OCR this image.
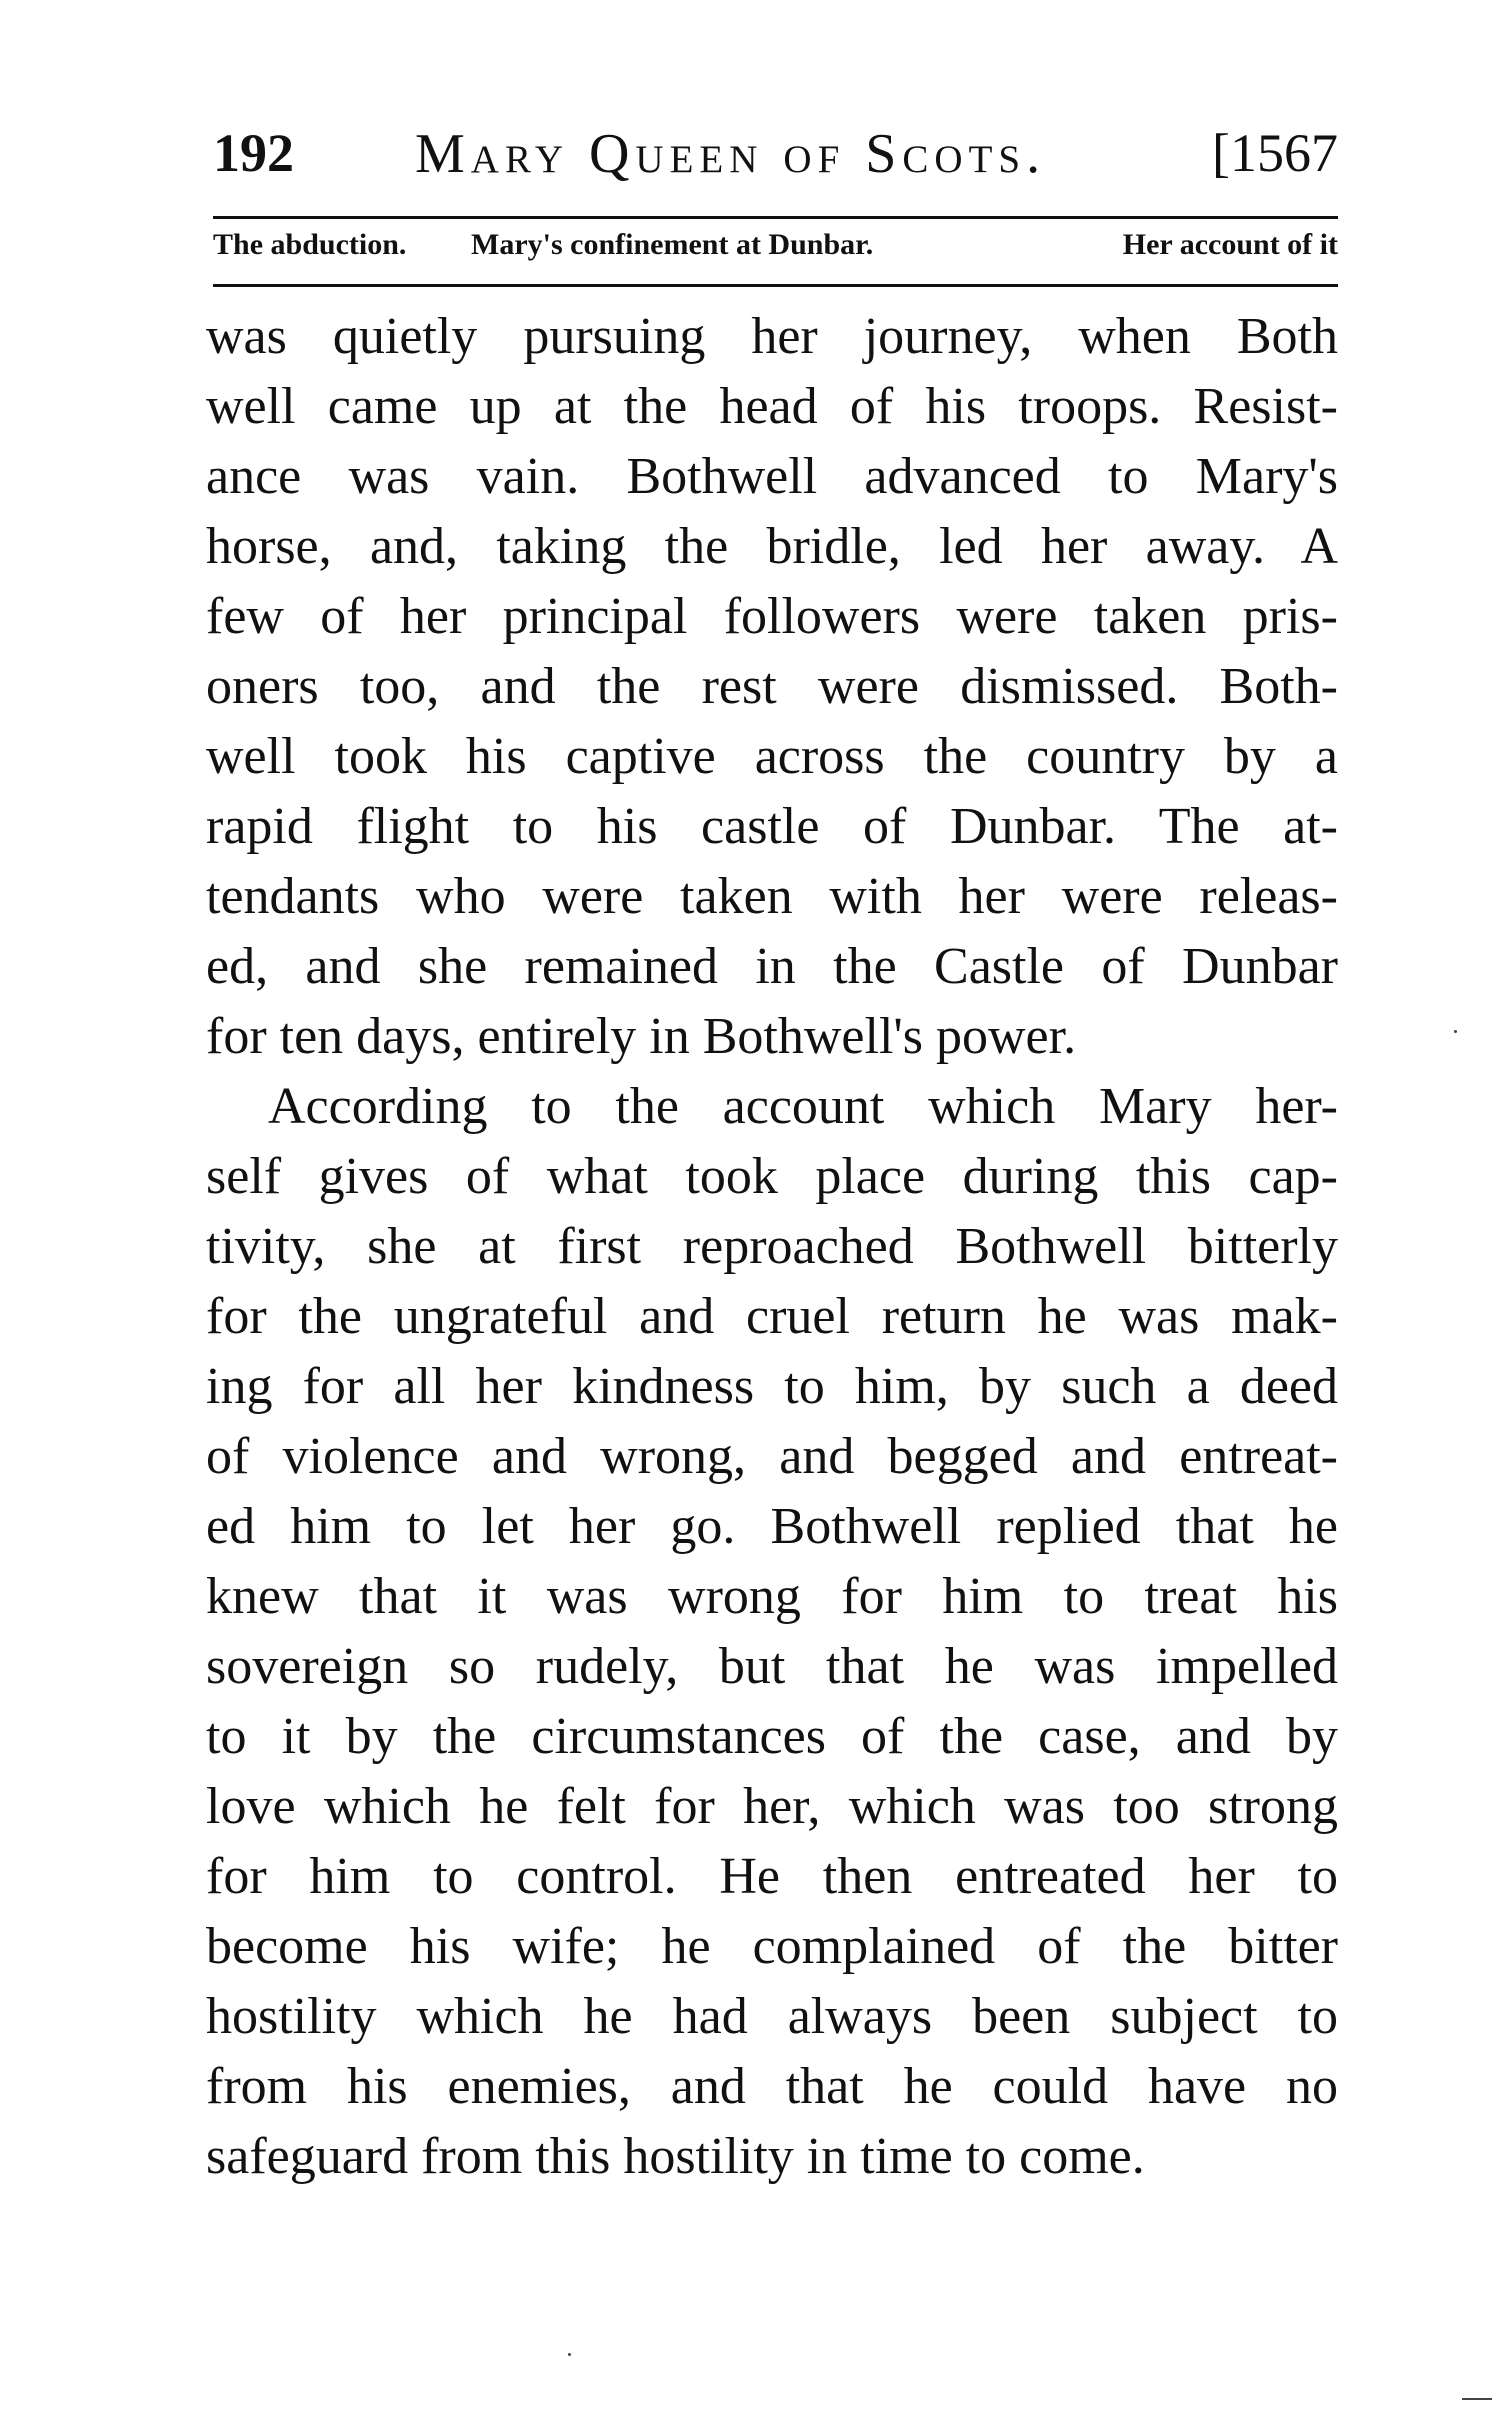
192 Mary Queen of Scots.	[1567
The abduction. Mary's confinement at Dunbar.	Her account of it
was quietly pursuing her journey, when Both
well came up at the head of his troops. Resist-
ance was vain. Bothwell advanced to Mary's
horse, and, taking the bridle, led her away. A
few of her principal followers were taken pris-
oners too, and the rest were dismissed. Both-
well took his captive across the country by a
rapid flight to his castle of Dunbar. The at-
tendants who were taken with her were releas-
ed, and she remained in the Castle of Dunbar
for ten days, entirely in Bothwell's power.
According to the account which Mary her-
self gives of what took place during this cap-
tivity, she at first reproached Bothwell bitterly
for the ungrateful and cruel return he was mak-
ing for all her kindness to him, by such a deed
of violence and wrong, and begged and entreat-
ed him to let her go. Bothwell replied that he
knew that it was wrong for him to treat his
sovereign so rudely, but that he was impelled
to it by the circumstances of the case, and by
love which he felt for her, which was too strong
for him to control. He then entreated her to
become his wife; he complained of the bitter
hostility which he had always been subject to
from his enemies, and that he could have no
safeguard from this hostility in time to come.
